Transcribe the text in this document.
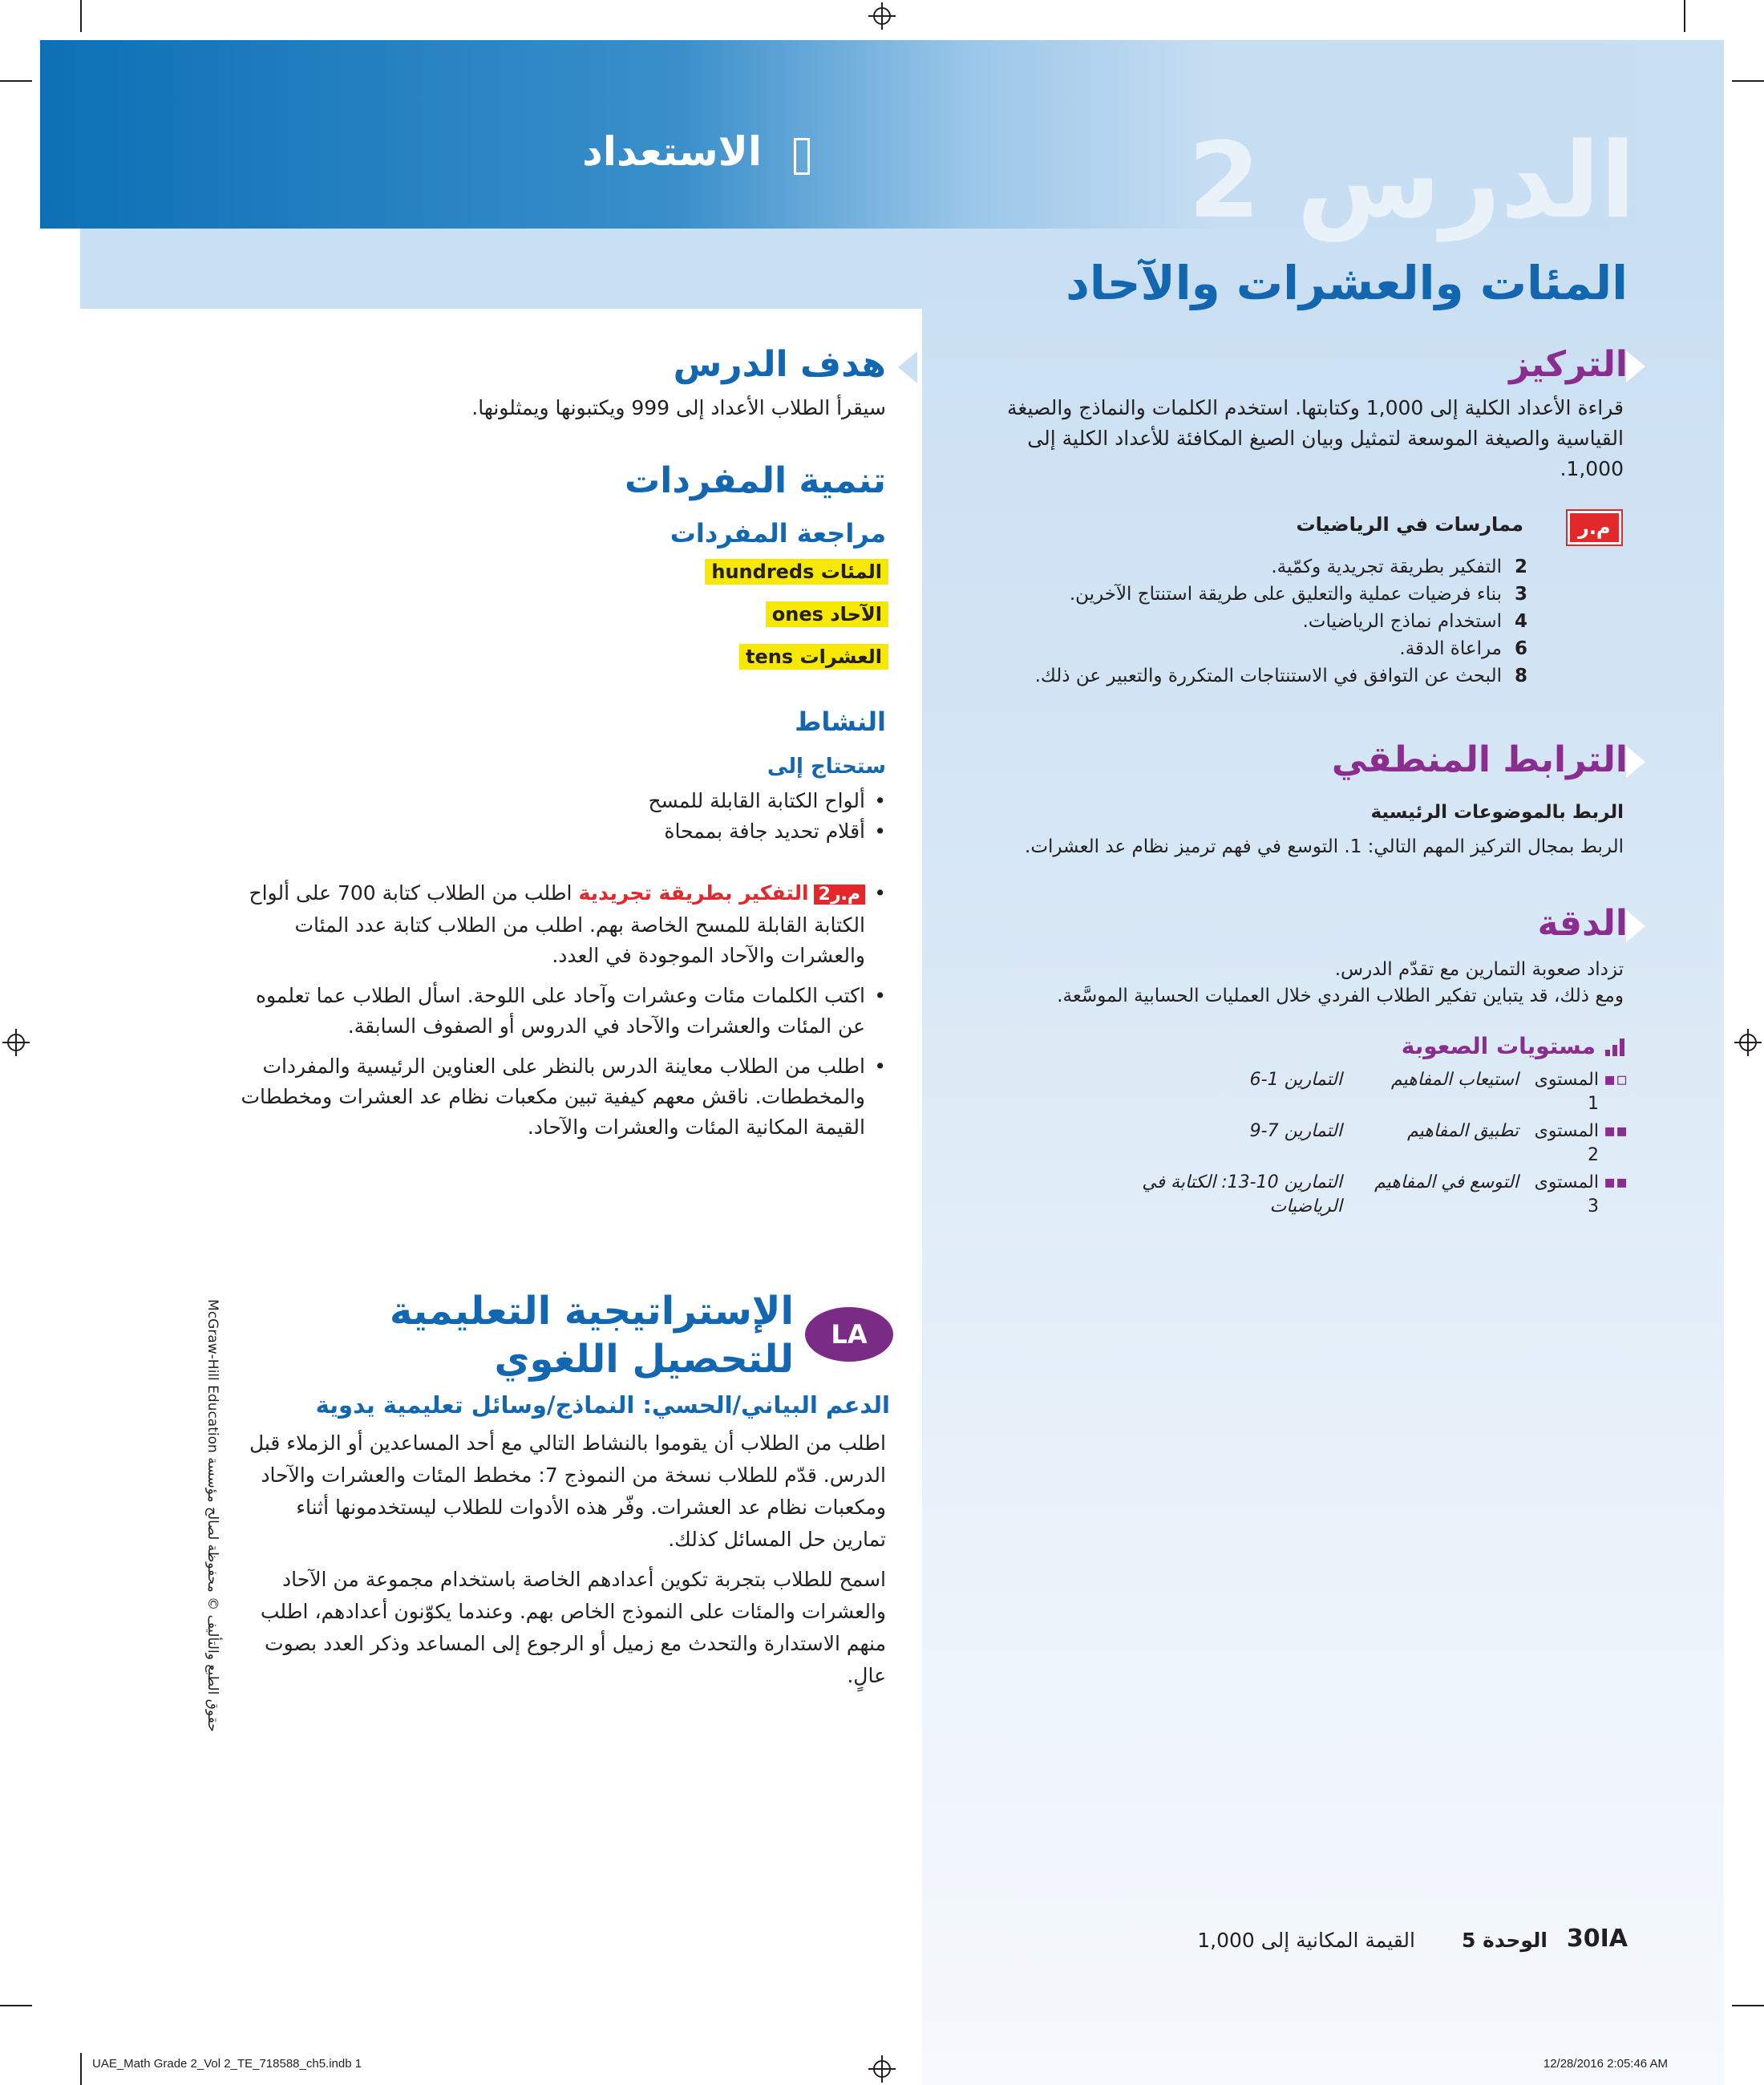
الاستعداد	الدرس 2
المئات والعشرات والآحاد
التركيز
قراءة الأعداد الكلية إلى 1,000 وكتابتها. استخدم الكلمات والنماذج والصيغة القياسية والصيغة الموسعة لتمثيل وبيان الصيغ المكافئة للأعداد الكلية إلى 1,000.
م.ر
ممارسات في الرياضيات
2
التفكير بطريقة تجريدية وكمّية.
3
بناء فرضيات عملية والتعليق على طريقة استنتاج الآخرين.
4
استخدام نماذج الرياضيات.
6
مراعاة الدقة.
8
البحث عن التوافق في الاستنتاجات المتكررة والتعبير عن ذلك.
الترابط المنطقي
الربط بالموضوعات الرئيسية
الربط بمجال التركيز المهم التالي: 1. التوسع في فهم ترميز نظام عد العشرات.
الدقة
تزداد صعوبة التمارين مع تقدّم الدرس.
ومع ذلك، قد يتباين تفكير الطلاب الفردي خلال العمليات الحسابية الموسَّعة.
مستويات الصعوبة
▫▪
المستوى 1
استيعاب المفاهيم
التمارين 1-6
▪▪
المستوى 2
تطبيق المفاهيم
التمارين 7-9
▪▪
المستوى 3
التوسع في المفاهيم
التمارين 10-13: الكتابة في الرياضيات
هدف الدرس
سيقرأ الطلاب الأعداد إلى 999 ويكتبونها ويمثلونها.
تنمية المفردات
مراجعة المفردات
المئات hundreds
الآحاد ones
العشرات tens
النشاط
ستحتاج إلى
• ألواح الكتابة القابلة للمسح
• أقلام تحديد جافة بممحاة
• م.ر2التفكير بطريقة تجريديةاطلب من الطلاب كتابة 700 على ألواح الكتابة القابلة للمسح الخاصة بهم. اطلب من الطلاب كتابة عدد المئات والعشرات والآحاد الموجودة في العدد.
• اكتب الكلمات مئات وعشرات وآحاد على اللوحة. اسأل الطلاب عما تعلموه عن المئات والعشرات والآحاد في الدروس أو الصفوف السابقة.
• اطلب من الطلاب معاينة الدرس بالنظر على العناوين الرئيسية والمفردات والمخططات. ناقش معهم كيفية تبين مكعبات نظام عد العشرات ومخططات القيمة المكانية المئات والعشرات والآحاد.
LA
الإستراتيجية التعليمية
للتحصيل اللغوي
الدعم البياني/الحسي: النماذج/وسائل تعليمية يدوية
اطلب من الطلاب أن يقوموا بالنشاط التالي مع أحد المساعدين أو الزملاء قبل الدرس. قدّم للطلاب نسخة من النموذج 7: مخطط المئات والعشرات والآحاد ومكعبات نظام عد العشرات. وفّر هذه الأدوات للطلاب ليستخدمونها أثناء تمارين حل المسائل كذلك.
اسمح للطلاب بتجربة تكوين أعدادهم الخاصة باستخدام مجموعة من الآحاد والعشرات والمئات على النموذج الخاص بهم. وعندما يكوّنون أعدادهم، اطلب منهم الاستدارة والتحدث مع زميل أو الرجوع إلى المساعد وذكر العدد بصوت عالٍ.
حقوق الطبع والتأليف © محفوظة لصالح مؤسسة McGraw-Hill Education
30IA
الوحدة 5
القيمة المكانية إلى 1,000
UAE_Math Grade 2_Vol 2_TE_718588_ch5.indb 1	12/28/2016 2:05:46 AM
